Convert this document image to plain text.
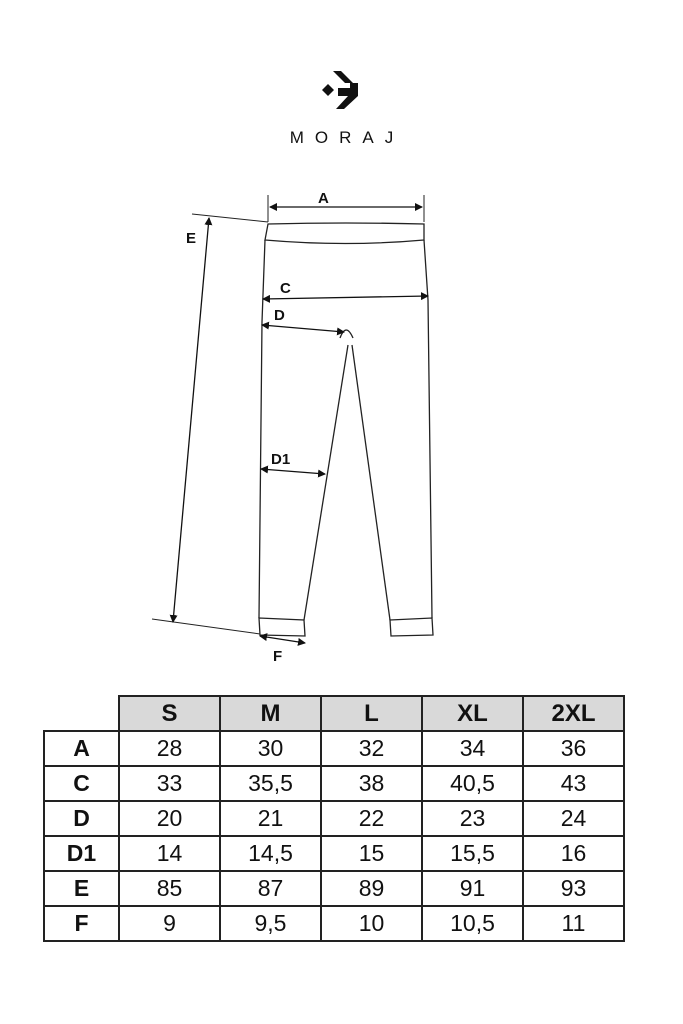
MORAJ
A
C
D
D1
E
F
	S	M	L	XL	2XL
A	28	30	32	34	36
C	33	35,5	38	40,5	43
D	20	21	22	23	24
D1	14	14,5	15	15,5	16
E	85	87	89	91	93
F	9	9,5	10	10,5	11
